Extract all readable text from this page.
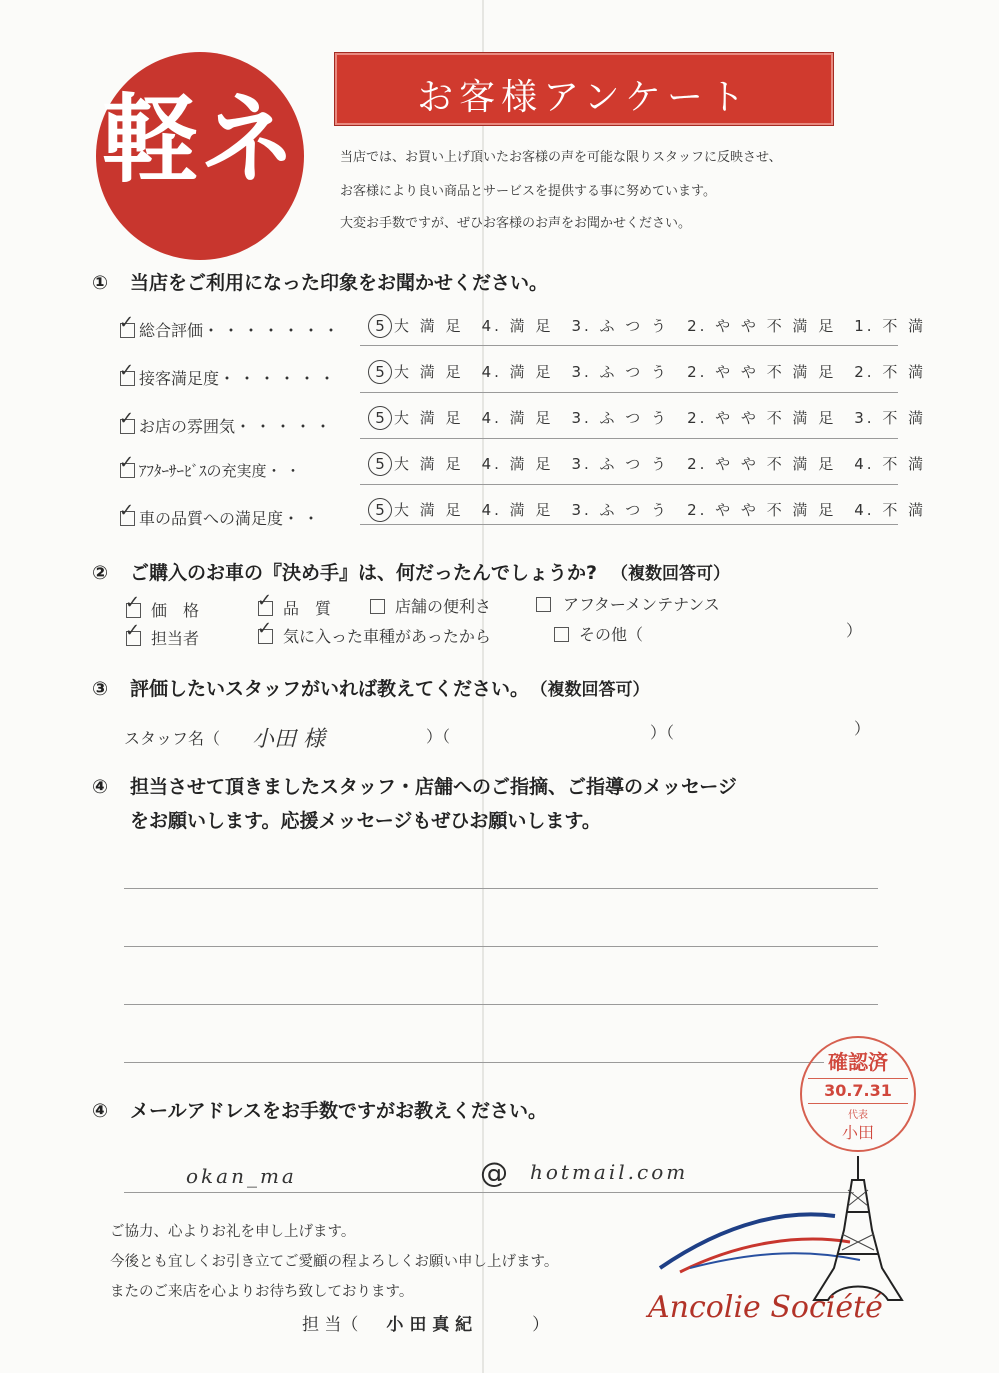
軽 ネ	お客様アンケート
当店では、お買い上げ頂いたお客様の声を可能な限りスタッフに反映させ、
お客様により良い商品とサービスを提供する事に努めています。
大変お手数ですが、ぜひお客様のお声をお聞かせください。
① 当店をご利用になった印象をお聞かせください。
✓ 総合評価・・・・・・・	5 大 満 足　 4. 満 足　 3. ふ つ う　 2. や や 不 満 足　 1. 不 満
✓ 接客満足度・・・・・・	5 大 満 足　 4. 満 足　 3. ふ つ う　 2. や や 不 満 足　 2. 不 満
✓ お店の雰囲気・・・・・	5 大 満 足　 4. 満 足　 3. ふ つ う　 2. や や 不 満 足　 3. 不 満
✓ ｱﾌﾀｰｻｰﾋﾞｽの充実度・・	5 大 満 足　 4. 満 足　 3. ふ つ う　 2. や や 不 満 足　 4. 不 満
✓ 車の品質への満足度・・	5 大 満 足　 4. 満 足　 3. ふ つ う　 2. や や 不 満 足　 4. 不 満
② ご購入のお車の『決め手』は、何だったんでしょうか? （複数回答可）
✓ 価　格	✓ 品　質	店舗の便利さ	アフターメンテナンス
✓ 担当者	✓ 気に入った車種があったから	その他（	）
③ 評価したいスタッフがいれば教えてください。 （複数回答可）
スタッフ名（ 小田 様	）（	）（	）
④ 担当させて頂きましたスタッフ・店舗へのご指摘、ご指導のメッセージ
をお願いします。応援メッセージもぜひお願いします。
④ メールアドレスをお手数ですがお教えください。
okan_ma	@ hotmail.com
確認済
30.7.31
代表
小田
ご協力、心よりお礼を申し上げます。
今後とも宜しくお引き立てご愛顧の程よろしくお願い申し上げます。
またのご来店を心よりお待ち致しております。
担 当（ 小 田 真 紀	）	Ancolie Société
